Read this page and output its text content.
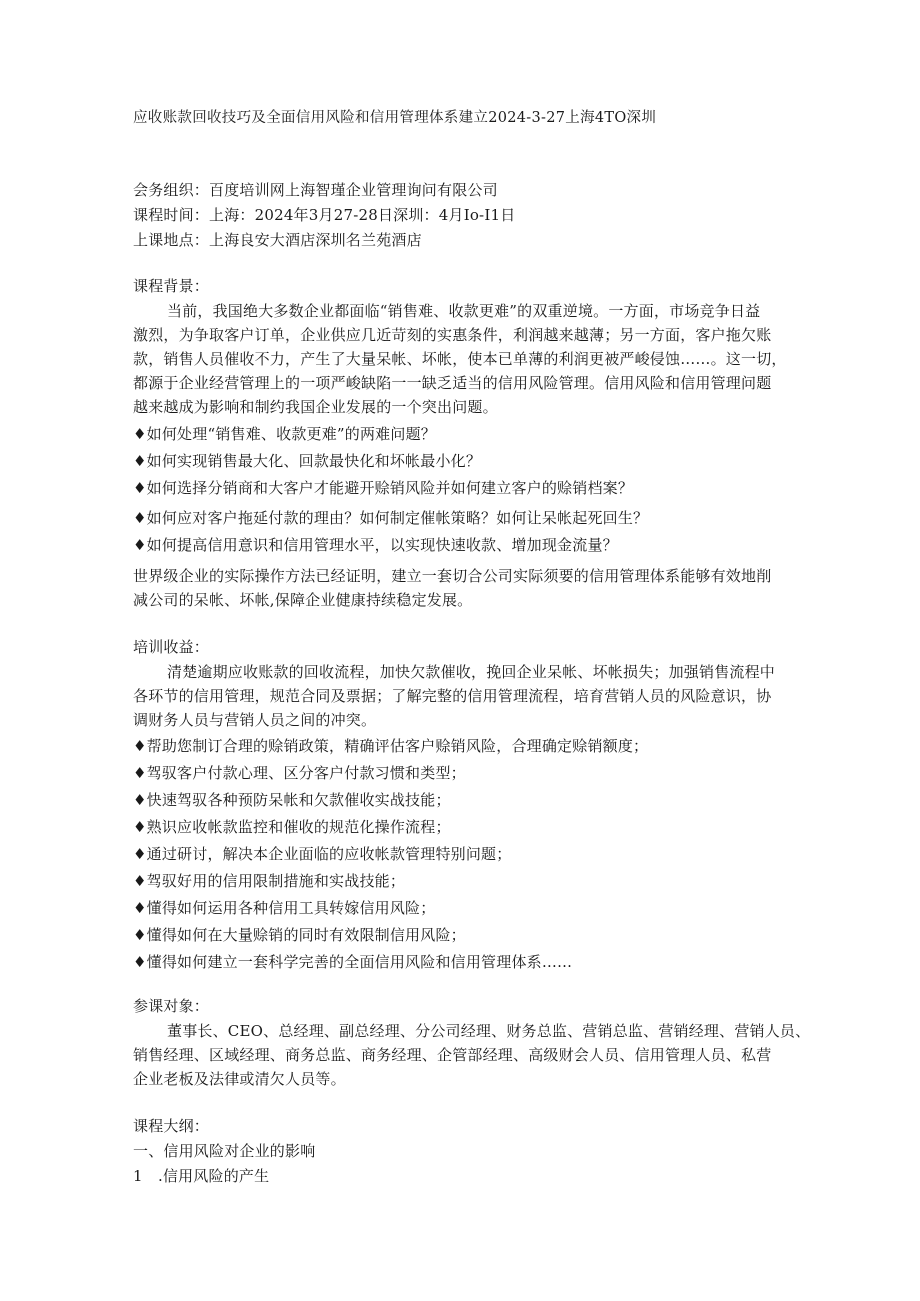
应收账款回收技巧及全面信用风险和信用管理体系建立2024-3-27上海4TO深圳
会务组织：百度培训网上海智瑾企业管理询问有限公司
课程时间：上海：2024年3月27-28日深圳：4月Io-I1日
上课地点：上海良安大酒店深圳名兰苑酒店
课程背景：
当前，我国绝大多数企业都面临“销售难、收款更难”的双重逆境。一方面，市场竞争日益
激烈，为争取客户订单，企业供应几近苛刻的实惠条件，利润越来越薄；另一方面，客户拖欠账
款，销售人员催收不力，产生了大量呆帐、坏帐，使本已单薄的利润更被严峻侵蚀……。这一切，
都源于企业经营管理上的一项严峻缺陷一一缺乏适当的信用风险管理。信用风险和信用管理问题
越来越成为影响和制约我国企业发展的一个突出问题。
♦如何处理“销售难、收款更难”的两难问题？
♦如何实现销售最大化、回款最快化和坏帐最小化？
♦如何选择分销商和大客户才能避开赊销风险并如何建立客户的赊销档案？
♦如何应对客户拖延付款的理由？如何制定催帐策略？如何让呆帐起死回生？
♦如何提高信用意识和信用管理水平，以实现快速收款、增加现金流量？
世界级企业的实际操作方法已经证明，建立一套切合公司实际须要的信用管理体系能够有效地削
减公司的呆帐、坏帐,保障企业健康持续稳定发展。
培训收益：
清楚逾期应收账款的回收流程，加快欠款催收，挽回企业呆帐、坏帐损失；加强销售流程中
各环节的信用管理，规范合同及票据；了解完整的信用管理流程，培育营销人员的风险意识，协
调财务人员与营销人员之间的冲突。
♦帮助您制订合理的赊销政策，精确评估客户赊销风险，合理确定赊销额度；
♦驾驭客户付款心理、区分客户付款习惯和类型；
♦快速驾驭各种预防呆帐和欠款催收实战技能；
♦熟识应收帐款监控和催收的规范化操作流程；
♦通过研讨，解决本企业面临的应收帐款管理特别问题；
♦驾驭好用的信用限制措施和实战技能；
♦懂得如何运用各种信用工具转嫁信用风险；
♦懂得如何在大量赊销的同时有效限制信用风险；
♦懂得如何建立一套科学完善的全面信用风险和信用管理体系……
参课对象：
董事长、CEO、总经理、副总经理、分公司经理、财务总监、营销总监、营销经理、营销人员、
销售经理、区域经理、商务总监、商务经理、企管部经理、高级财会人员、信用管理人员、私营
企业老板及法律或清欠人员等。
课程大纲：
一、信用风险对企业的影响
1　.信用风险的产生
